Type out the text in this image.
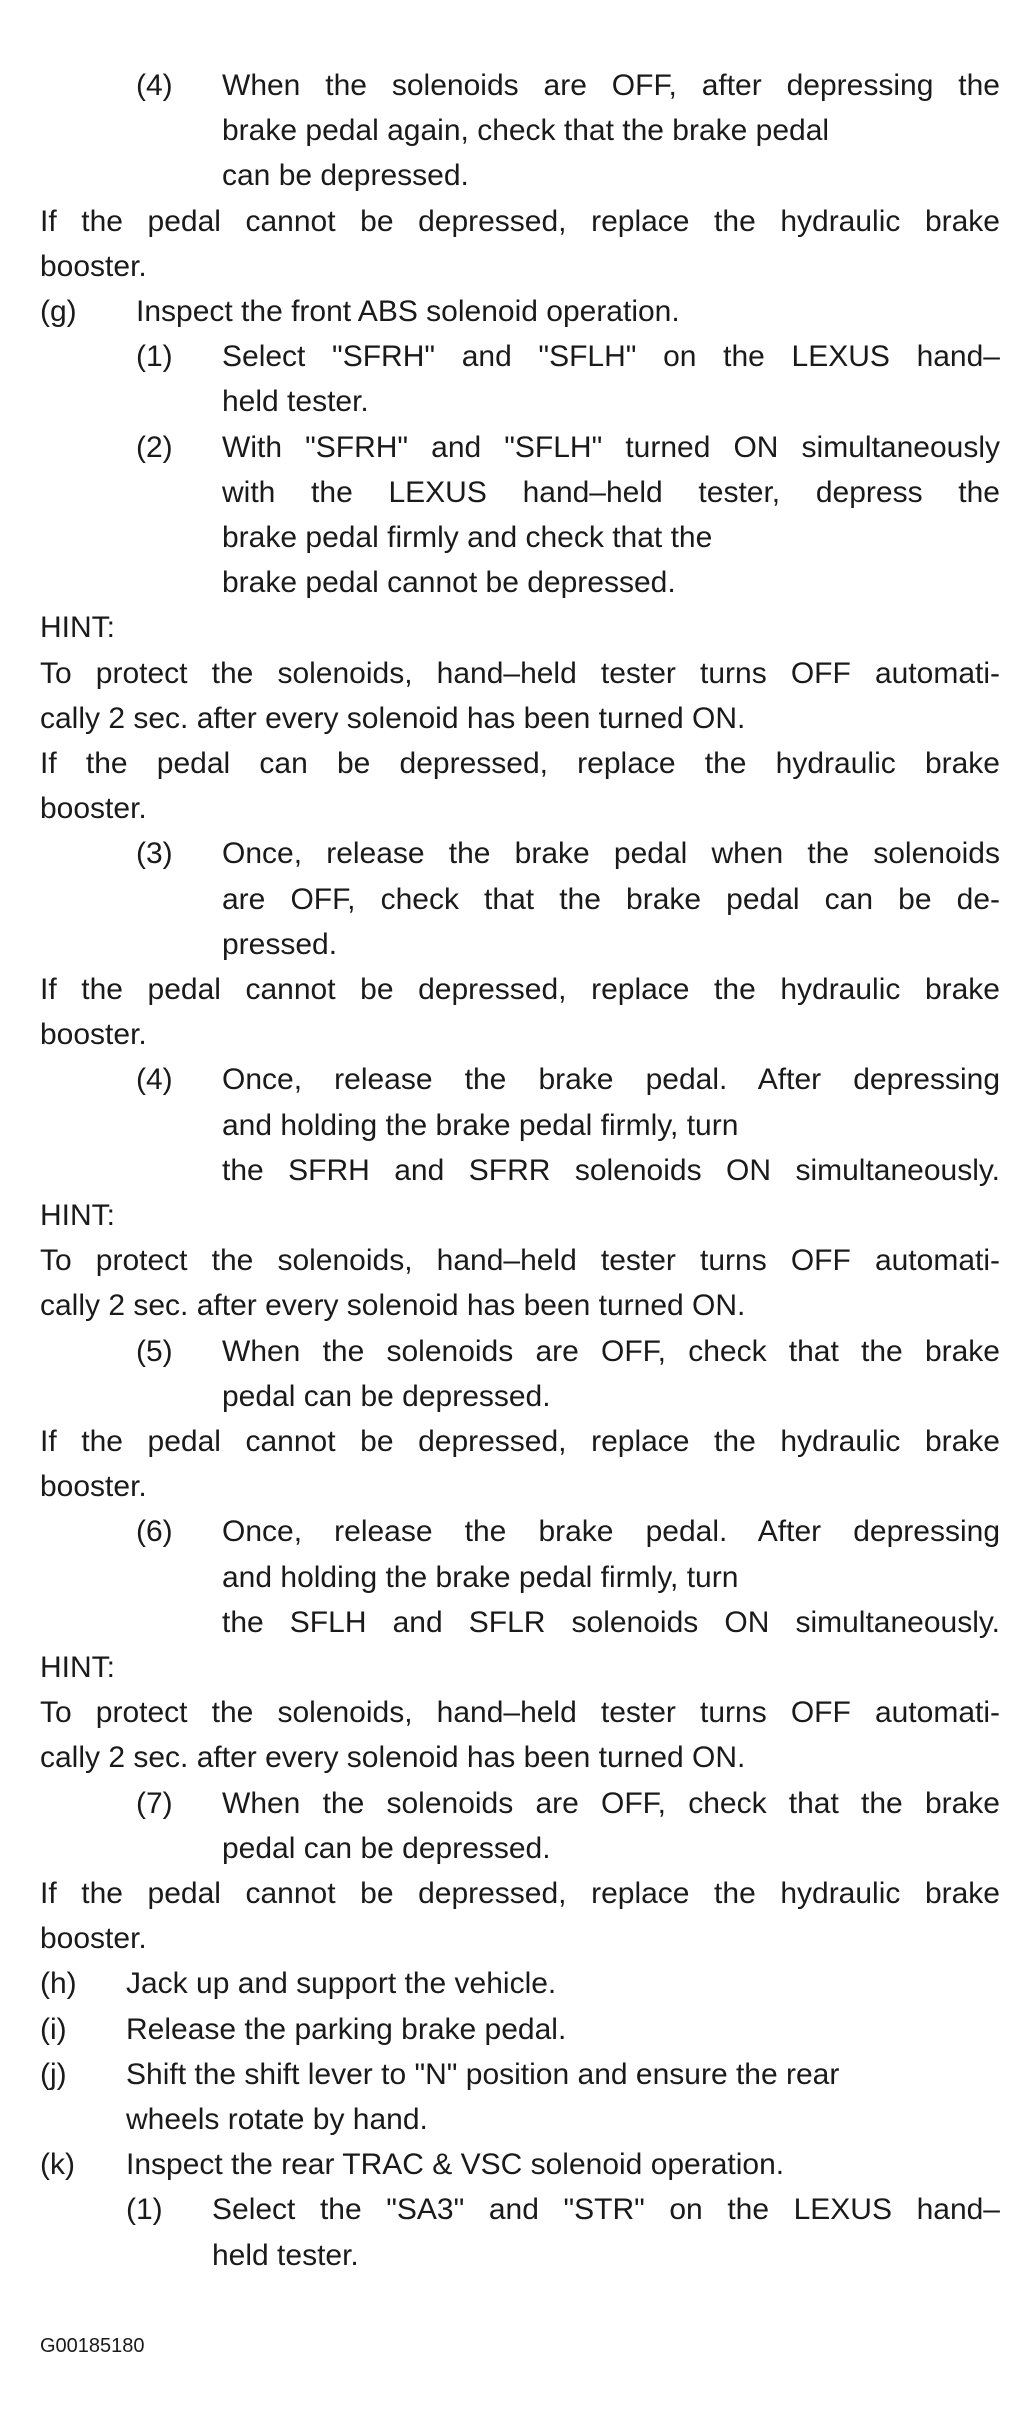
(4) When the solenoids are OFF, after depressing the
brake pedal again, check that the brake pedal
can be depressed.
If the pedal cannot be depressed, replace the hydraulic brake
booster.
(g) Inspect the front ABS solenoid operation.
(1) Select "SFRH" and "SFLH" on the LEXUS hand–
held tester.
(2) With "SFRH" and "SFLH" turned ON simultaneously
with the LEXUS hand–held tester, depress the
brake pedal firmly and check that the
brake pedal cannot be depressed.
HINT:
To protect the solenoids, hand–held tester turns OFF automati-
cally 2 sec. after every solenoid has been turned ON.
If the pedal can be depressed, replace the hydraulic brake
booster.
(3) Once, release the brake pedal when the solenoids
are OFF, check that the brake pedal can be de-
pressed.
If the pedal cannot be depressed, replace the hydraulic brake
booster.
(4) Once, release the brake pedal. After depressing
and holding the brake pedal firmly, turn
the SFRH and SFRR solenoids ON simultaneously.
HINT:
To protect the solenoids, hand–held tester turns OFF automati-
cally 2 sec. after every solenoid has been turned ON.
(5) When the solenoids are OFF, check that the brake
pedal can be depressed.
If the pedal cannot be depressed, replace the hydraulic brake
booster.
(6) Once, release the brake pedal. After depressing
and holding the brake pedal firmly, turn
the SFLH and SFLR solenoids ON simultaneously.
HINT:
To protect the solenoids, hand–held tester turns OFF automati-
cally 2 sec. after every solenoid has been turned ON.
(7) When the solenoids are OFF, check that the brake
pedal can be depressed.
If the pedal cannot be depressed, replace the hydraulic brake
booster.
(h) Jack up and support the vehicle.
(i) Release the parking brake pedal.
(j) Shift the shift lever to "N" position and ensure the rear
wheels rotate by hand.
(k) Inspect the rear TRAC & VSC solenoid operation.
(1) Select the "SA3" and "STR" on the LEXUS hand–
held tester.
G00185180
